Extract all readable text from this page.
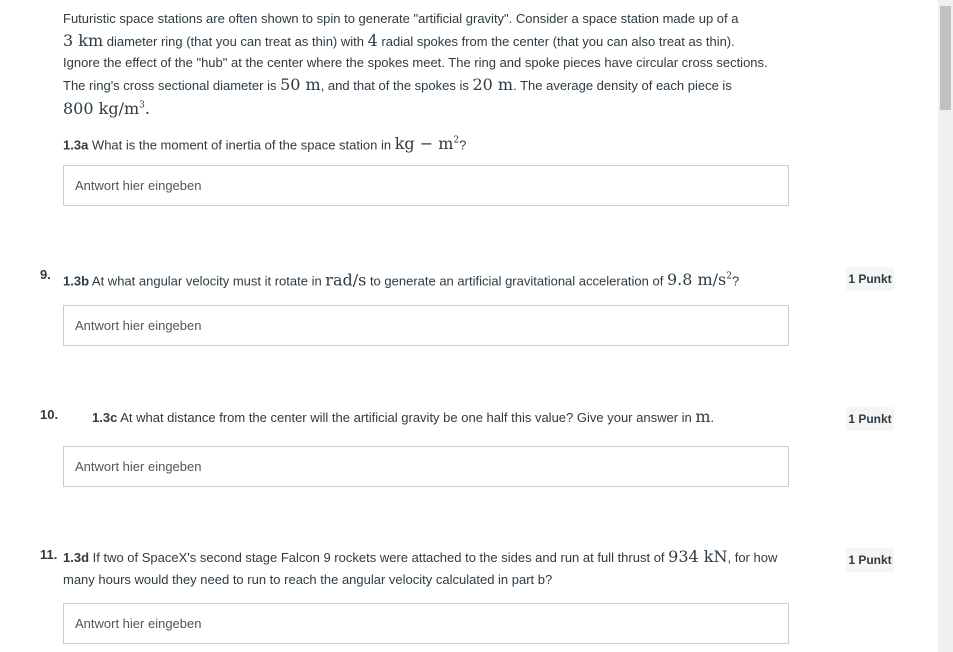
Futuristic space stations are often shown to spin to generate "artificial gravity". Consider a space station made up of a

3 km diameter ring (that you can treat as thin) with 4 radial spokes from the center (that you can also treat as thin).

Ignore the effect of the "hub" at the center where the spokes meet. The ring and spoke pieces have circular cross sections.

The ring's cross sectional diameter is 50 m, and that of the spokes is 20 m. The average density of each piece is

800 $kg/m^3$.

1.3a What is the moment of inertia of the space station in kg − $m^2$?
Antwort hier eingeben
9. 1.3b At what angular velocity must it rotate in rad/s to generate an artificial gravitational acceleration of 9.8 $m/s^2$?	1 Punkt
Antwort hier eingeben
10.	1.3c At what distance from the center will the artificial gravity be one half this value? Give your answer in m.	1 Punkt
Antwort hier eingeben
11. 1.3d If two of SpaceX's second stage Falcon 9 rockets were attached to the sides and run at full thrust of 934 kN, for how many hours would they need to run to reach the angular velocity calculated in part b?
1 Punkt
Antwort hier eingeben
